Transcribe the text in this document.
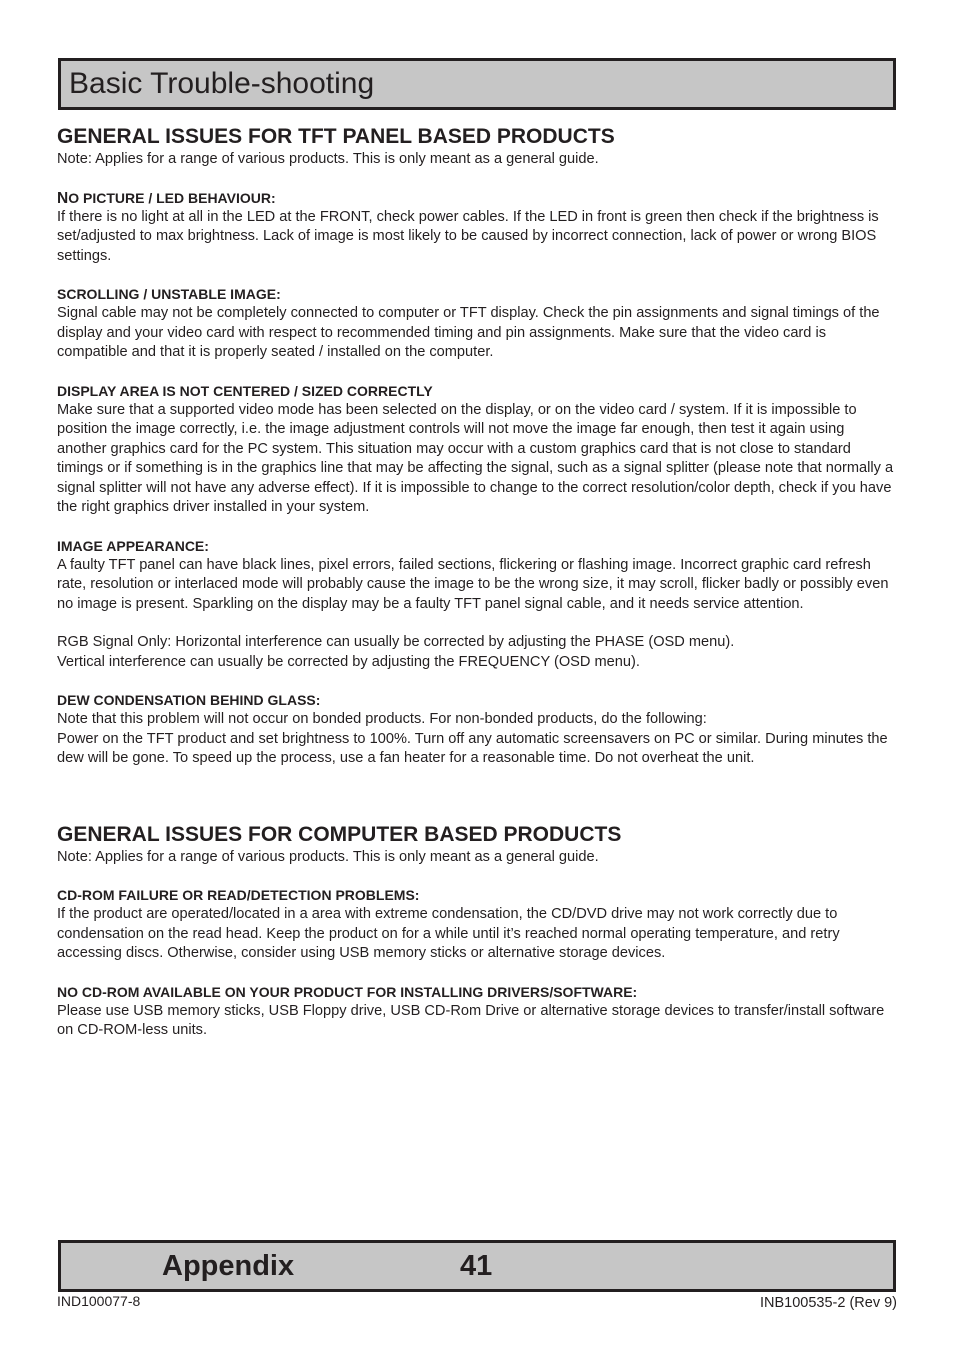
Basic Trouble-shooting
GENERAL ISSUES FOR TFT PANEL BASED PRODUCTS

Note: Applies for a range of various products. This is only meant as a general guide.

NO PICTURE / LED BEHAVIOUR:

If there is no light at all in the LED at the FRONT, check power cables. If the LED in front is green then check if the brightness is set/adjusted to max brightness. Lack of image is most likely to be caused by incorrect connection, lack of power or wrong BIOS settings.

SCROLLING / UNSTABLE IMAGE:

Signal cable may not be completely connected to computer or TFT display. Check the pin assignments and signal timings of the display and your video card with respect to recommended timing and pin assignments. Make sure that the video card is compatible and that it is properly seated / installed on the computer.

DISPLAY AREA IS NOT CENTERED / SIZED CORRECTLY

Make sure that a supported video mode has been selected on the display, or on the video card / system. If it is impossible to position the image correctly, i.e. the image adjustment controls will not move the image far enough, then test it again using another graphics card for the PC system. This situation may occur with a custom graphics card that is not close to standard timings or if something is in the graphics line that may be affecting the signal, such as a signal splitter (please note that normally a signal splitter will not have any adverse effect). If it is impossible to change to the correct resolution/color depth, check if you have the right graphics driver installed in your system.

IMAGE APPEARANCE:

A faulty TFT panel can have black lines, pixel errors, failed sections, flickering or flashing image. Incorrect graphic card refresh rate, resolution or interlaced mode will probably cause the image to be the wrong size, it may scroll, flicker badly or possibly even no image is present. Sparkling on the display may be a faulty TFT panel signal cable, and it needs service attention.

RGB Signal Only: Horizontal interference can usually be corrected by adjusting the PHASE (OSD menu).

Vertical interference can usually be corrected by adjusting the FREQUENCY (OSD menu).

DEW CONDENSATION BEHIND GLASS:

Note that this problem will not occur on bonded products. For non-bonded products, do the following:

Power on the TFT product and set brightness to 100%. Turn off any automatic screensavers on PC or similar. During minutes the dew will be gone. To speed up the process, use a fan heater for a reasonable time. Do not overheat the unit.

GENERAL ISSUES FOR COMPUTER BASED PRODUCTS

Note: Applies for a range of various products. This is only meant as a general guide.

CD-ROM FAILURE OR READ/DETECTION PROBLEMS:

If the product are operated/located in a area with extreme condensation, the CD/DVD drive may not work correctly due to condensation on the read head. Keep the product on for a while until it’s reached normal operating temperature, and retry accessing discs. Otherwise, consider using USB memory sticks or alternative storage devices.

NO CD-ROM AVAILABLE ON YOUR PRODUCT FOR INSTALLING DRIVERS/SOFTWARE:

Please use USB memory sticks, USB Floppy drive, USB CD-Rom Drive or alternative storage devices to transfer/install software on CD-ROM-less units.

Appendix	41
IND100077-8	INB100535-2 (Rev 9)
